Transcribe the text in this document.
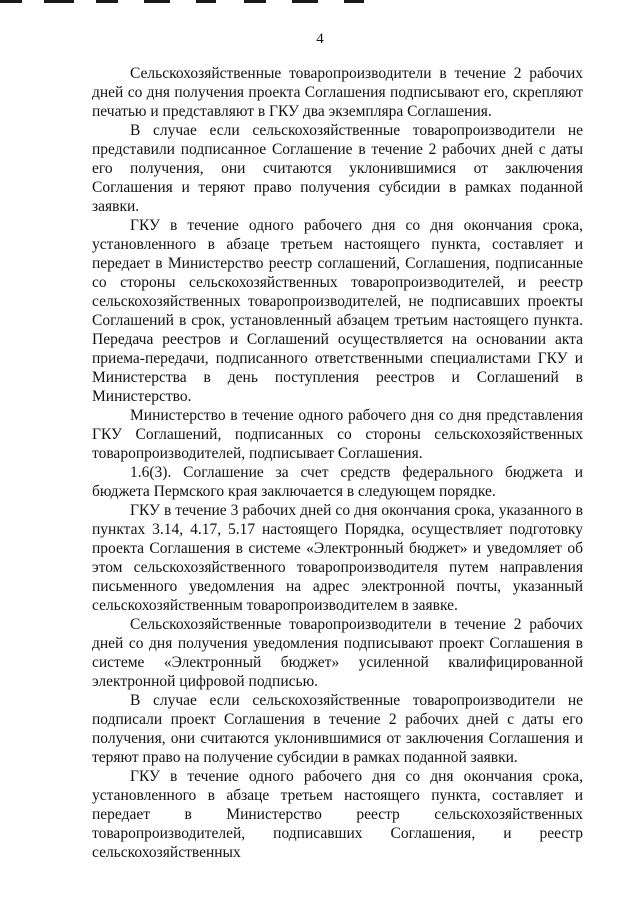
4

Сельскохозяйственные товаропроизводители в течение 2 рабочих дней со дня получения проекта Соглашения подписывают его, скрепляют печатью и представляют в ГКУ два экземпляра Соглашения.

В случае если сельскохозяйственные товаропроизводители не представили подписанное Соглашение в течение 2 рабочих дней с даты его получения, они считаются уклонившимися от заключения Соглашения и теряют право получения субсидии в рамках поданной заявки.

ГКУ в течение одного рабочего дня со дня окончания срока, установленного в абзаце третьем настоящего пункта, составляет и передает в Министерство реестр соглашений, Соглашения, подписанные со стороны сельскохозяйственных товаропроизводителей, и реестр сельскохозяйственных товаропроизводителей, не подписавших проекты Соглашений в срок, установленный абзацем третьим настоящего пункта. Передача реестров и Соглашений осуществляется на основании акта приема-передачи, подписанного ответственными специалистами ГКУ и Министерства в день поступления реестров и Соглашений в Министерство.

Министерство в течение одного рабочего дня со дня представления ГКУ Соглашений, подписанных со стороны сельскохозяйственных товаропроизводителей, подписывает Соглашения.

1.6(3). Соглашение за счет средств федерального бюджета и бюджета Пермского края заключается в следующем порядке.

ГКУ в течение 3 рабочих дней со дня окончания срока, указанного в пунктах 3.14, 4.17, 5.17 настоящего Порядка, осуществляет подготовку проекта Соглашения в системе «Электронный бюджет» и уведомляет об этом сельскохозяйственного товаропроизводителя путем направления письменного уведомления на адрес электронной почты, указанный сельскохозяйственным товаропроизводителем в заявке.

Сельскохозяйственные товаропроизводители в течение 2 рабочих дней со дня получения уведомления подписывают проект Соглашения в системе «Электронный бюджет» усиленной квалифицированной электронной цифровой подписью.

В случае если сельскохозяйственные товаропроизводители не подписали проект Соглашения в течение 2 рабочих дней с даты его получения, они считаются уклонившимися от заключения Соглашения и теряют право на получение субсидии в рамках поданной заявки.

ГКУ в течение одного рабочего дня со дня окончания срока, установленного в абзаце третьем настоящего пункта, составляет и передает в Министерство реестр сельскохозяйственных товаропроизводителей, подписавших Соглашения, и реестр сельскохозяйственных
